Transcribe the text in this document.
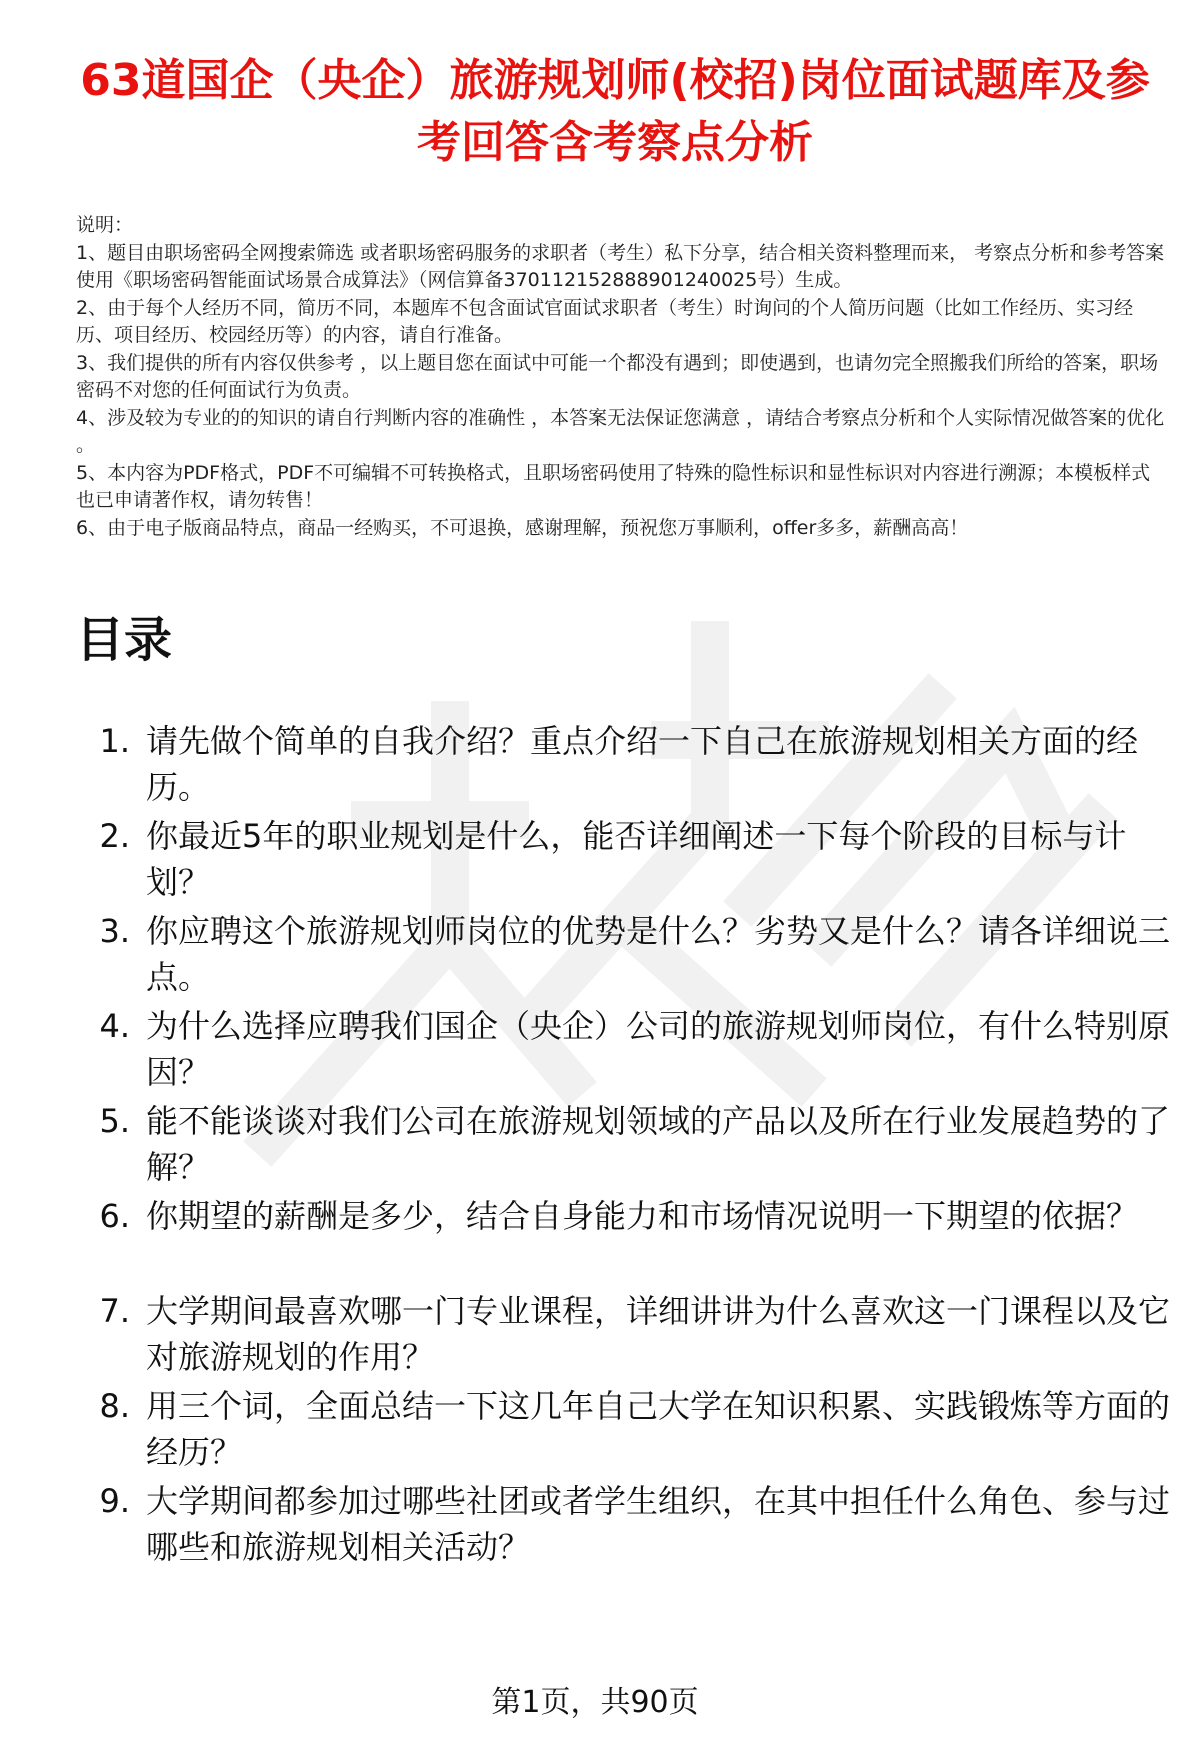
63道国企（央企）旅游规划师(校招)岗位面试题库及参考回答含考察点分析
说明：
1、题目由职场密码全网搜索筛选 或者职场密码服务的求职者（考生）私下分享，结合相关资料整理而来， 考察点分析和参考答案使用《职场密码智能面试场景合成算法》（网信算备370112152888901240025号）生成。
2、由于每个人经历不同，简历不同，本题库不包含面试官面试求职者（考生）时询问的个人简历问题（比如工作经历、实习经历、项目经历、校园经历等）的内容，请自行准备。
3、我们提供的所有内容仅供参考 ，以上题目您在面试中可能一个都没有遇到；即使遇到，也请勿完全照搬我们所给的答案，职场密码不对您的任何面试行为负责。
4、涉及较为专业的的知识的请自行判断内容的准确性 ，本答案无法保证您满意 ，请结合考察点分析和个人实际情况做答案的优化 。
5、本内容为PDF格式，PDF不可编辑不可转换格式，且职场密码使用了特殊的隐性标识和显性标识对内容进行溯源；本模板样式也已申请著作权，请勿转售！
6、由于电子版商品特点，商品一经购买，不可退换，感谢理解，预祝您万事顺利，offer多多，薪酬高高！
目录
1. 请先做个简单的自我介绍？重点介绍一下自己在旅游规划相关方面的经历。
2. 你最近5年的职业规划是什么，能否详细阐述一下每个阶段的目标与计划？
3. 你应聘这个旅游规划师岗位的优势是什么？劣势又是什么？请各详细说三点。
4. 为什么选择应聘我们国企（央企）公司的旅游规划师岗位，有什么特别原因？
5. 能不能谈谈对我们公司在旅游规划领域的产品以及所在行业发展趋势的了解？
6. 你期望的薪酬是多少，结合自身能力和市场情况说明一下期望的依据？
7. 大学期间最喜欢哪一门专业课程，详细讲讲为什么喜欢这一门课程以及它对旅游规划的作用？
8. 用三个词，全面总结一下这几年自己大学在知识积累、实践锻炼等方面的经历？
9. 大学期间都参加过哪些社团或者学生组织，在其中担任什么角色、参与过哪些和旅游规划相关活动？
第1页，共90页
